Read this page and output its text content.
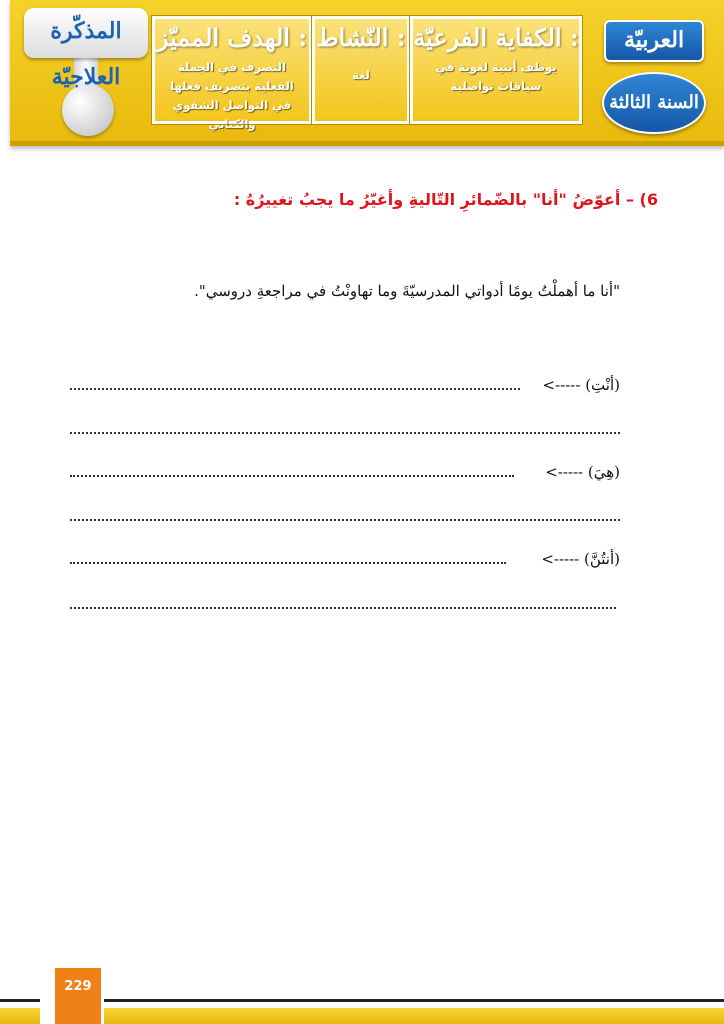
المذكّرة العلاجيّة
الهدف المميّز :
التصرف في الجملة الفعلية بتصريف فعلها في التواصل الشفوي والكتابي
النّشاط :
لغة
الكفاية الفرعيّة :
يوظف أبنية لغوية في سياقات تواصلية
العربيّة
السنة الثالثة
6) – أعوّضُ "أنا" بالضّمائرِ التّاليةِ وأغيّرُ ما يجبُ تغييرُهُ :
"أنا ما أهملْتُ يومًا أدواتي المدرسيّةَ وما تهاونْتُ في مراجعةِ دروسي".
(أنْتِ) ----->
(هِيَ) ----->
(أنتُنَّ) ----->
229
